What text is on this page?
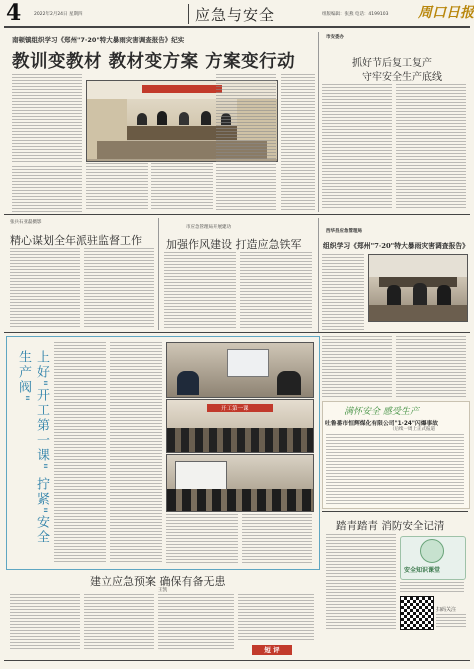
4	2022年2月24日 星期四	应急与安全	组版编辑：张燕 电话：4199103 周口日报
南顿镇组织学习《郑州"7·20"特大暴雨灾害调查报告》纪实
教训变教材 教材变方案 方案变行动
市安委办
抓好节后复工复产
守牢安全生产底线
张兵石亚磊摄影
精心谋划全年派驻监督工作
市应急管理局开展建功
加强作风建设 打造应急铁军
西华县应急管理局
组织学习《郑州"7·20"特大暴雨灾害调查报告》
上好"开工第一课" 拧紧"安全生产阀"
开工第一课	满怀安全 感受生产
吐鲁番市恒辉煤化有限公司"1·24"闪爆事故
（后续一周上正式报道
踏青踏青 消防安全记清
安全知识课堂
扫码关注
建立应急预案 确保有备无患
王凯
短 评
